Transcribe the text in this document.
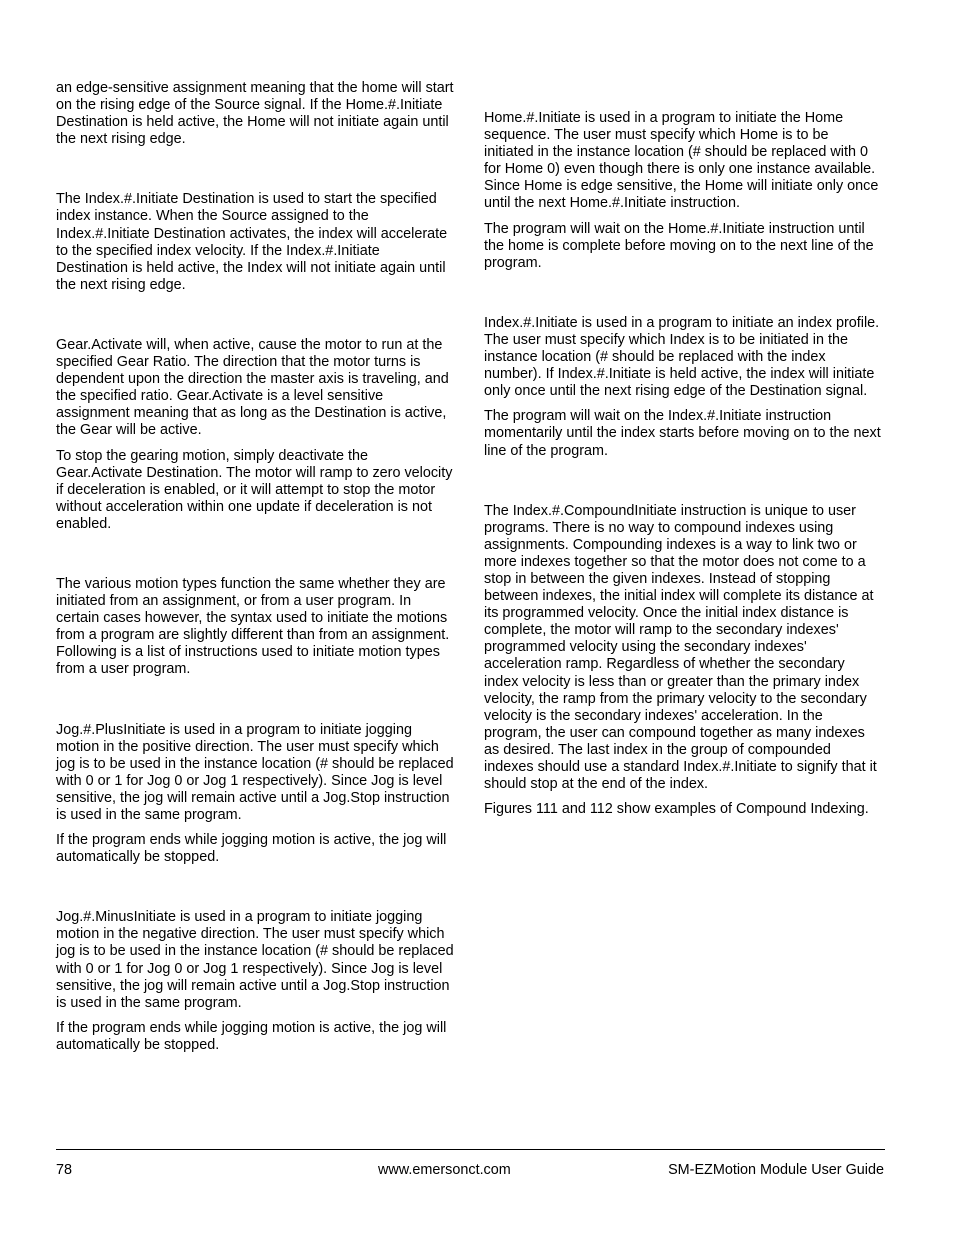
an edge-sensitive assignment meaning that the home will start on the rising edge of the Source signal. If the Home.#.Initiate Destination is held active, the Home will not initiate again until the next rising edge.

The Index.#.Initiate Destination is used to start the specified index instance. When the Source assigned to the Index.#.Initiate Destination activates, the index will accelerate to the specified index velocity. If the Index.#.Initiate Destination is held active, the Index will not initiate again until the next rising edge.

Gear.Activate will, when active, cause the motor to run at the specified Gear Ratio. The direction that the motor turns is dependent upon the direction the master axis is traveling, and the specified ratio. Gear.Activate is a level sensitive assignment meaning that as long as the Destination is active, the Gear will be active.

To stop the gearing motion, simply deactivate the Gear.Activate Destination. The motor will ramp to zero velocity if deceleration is enabled, or it will attempt to stop the motor without acceleration within one update if deceleration is not enabled.

The various motion types function the same whether they are initiated from an assignment, or from a user program. In certain cases however, the syntax used to initiate the motions from a program are slightly different than from an assignment. Following is a list of instructions used to initiate motion types from a user program.

Jog.#.PlusInitiate is used in a program to initiate jogging motion in the positive direction. The user must specify which jog is to be used in the instance location (# should be replaced with 0 or 1 for Jog 0 or Jog 1 respectively). Since Jog is level sensitive, the jog will remain active until a Jog.Stop instruction is used in the same program.

If the program ends while jogging motion is active, the jog will automatically be stopped.

Jog.#.MinusInitiate is used in a program to initiate jogging motion in the negative direction. The user must specify which jog is to be used in the instance location (# should be replaced with 0 or 1 for Jog 0 or Jog 1 respectively). Since Jog is level sensitive, the jog will remain active until a Jog.Stop instruction is used in the same program.

If the program ends while jogging motion is active, the jog will automatically be stopped.

Home.#.Initiate is used in a program to initiate the Home sequence. The user must specify which Home is to be initiated in the instance location (# should be replaced with 0 for Home 0) even though there is only one instance available. Since Home is edge sensitive, the Home will initiate only once until the next Home.#.Initiate instruction.

The program will wait on the Home.#.Initiate instruction until the home is complete before moving on to the next line of the program.

Index.#.Initiate is used in a program to initiate an index profile. The user must specify which Index is to be initiated in the instance location (# should be replaced with the index number). If Index.#.Initiate is held active, the index will initiate only once until the next rising edge of the Destination signal.

The program will wait on the Index.#.Initiate instruction momentarily until the index starts before moving on to the next line of the program.

The Index.#.CompoundInitiate instruction is unique to user programs. There is no way to compound indexes using assignments. Compounding indexes is a way to link two or more indexes together so that the motor does not come to a stop in between the given indexes. Instead of stopping between indexes, the initial index will complete its distance at its programmed velocity. Once the initial index distance is complete, the motor will ramp to the secondary indexes' programmed velocity using the secondary indexes' acceleration ramp. Regardless of whether the secondary index velocity is less than or greater than the primary index velocity, the ramp from the primary velocity to the secondary velocity is the secondary indexes' acceleration. In the program, the user can compound together as many indexes as desired. The last index in the group of compounded indexes should use a standard Index.#.Initiate to signify that it should stop at the end of the index.

Figures 111 and 112 show examples of Compound Indexing.

78	www.emersonct.com	SM-EZMotion Module User Guide
